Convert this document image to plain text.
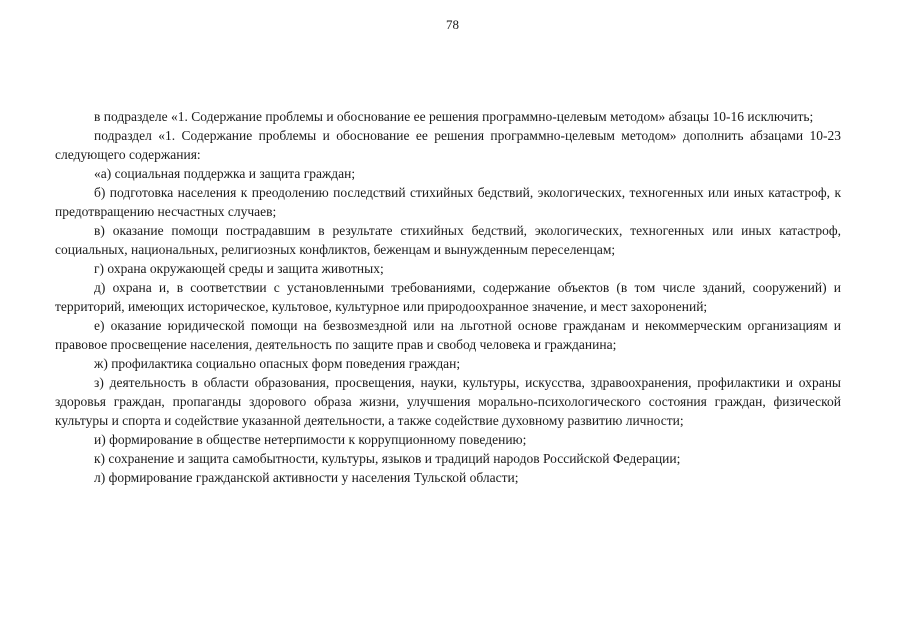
78

в подразделе «1. Содержание проблемы и обоснование ее решения программно-целевым методом» абзацы 10-16 исключить;

подраздел «1. Содержание проблемы и обоснование ее решения программно-целевым методом» дополнить абзацами 10-23 следующего содержания:

«а) социальная поддержка и защита граждан;

б) подготовка населения к преодолению последствий стихийных бедствий, экологических, техногенных или иных катастроф, к предотвращению несчастных случаев;

в) оказание помощи пострадавшим в результате стихийных бедствий, экологических, техногенных или иных катастроф, социальных, национальных, религиозных конфликтов, беженцам и вынужденным переселенцам;

г) охрана окружающей среды и защита животных;

д) охрана и, в соответствии с установленными требованиями, содержание объектов (в том числе зданий, сооружений) и территорий, имеющих историческое, культовое, культурное или природоохранное значение, и мест захоронений;

е) оказание юридической помощи на безвозмездной или на льготной основе гражданам и некоммерческим организациям и правовое просвещение населения, деятельность по защите прав и свобод человека и гражданина;

ж) профилактика социально опасных форм поведения граждан;

з) деятельность в области образования, просвещения, науки, культуры, искусства, здравоохранения, профилактики и охраны здоровья граждан, пропаганды здорового образа жизни, улучшения морально-психологического состояния граждан, физической культуры и спорта и содействие указанной деятельности, а также содействие духовному развитию личности;

и) формирование в обществе нетерпимости к коррупционному поведению;

к) сохранение и защита самобытности, культуры, языков и традиций народов Российской Федерации;

л) формирование гражданской активности у населения Тульской области;
